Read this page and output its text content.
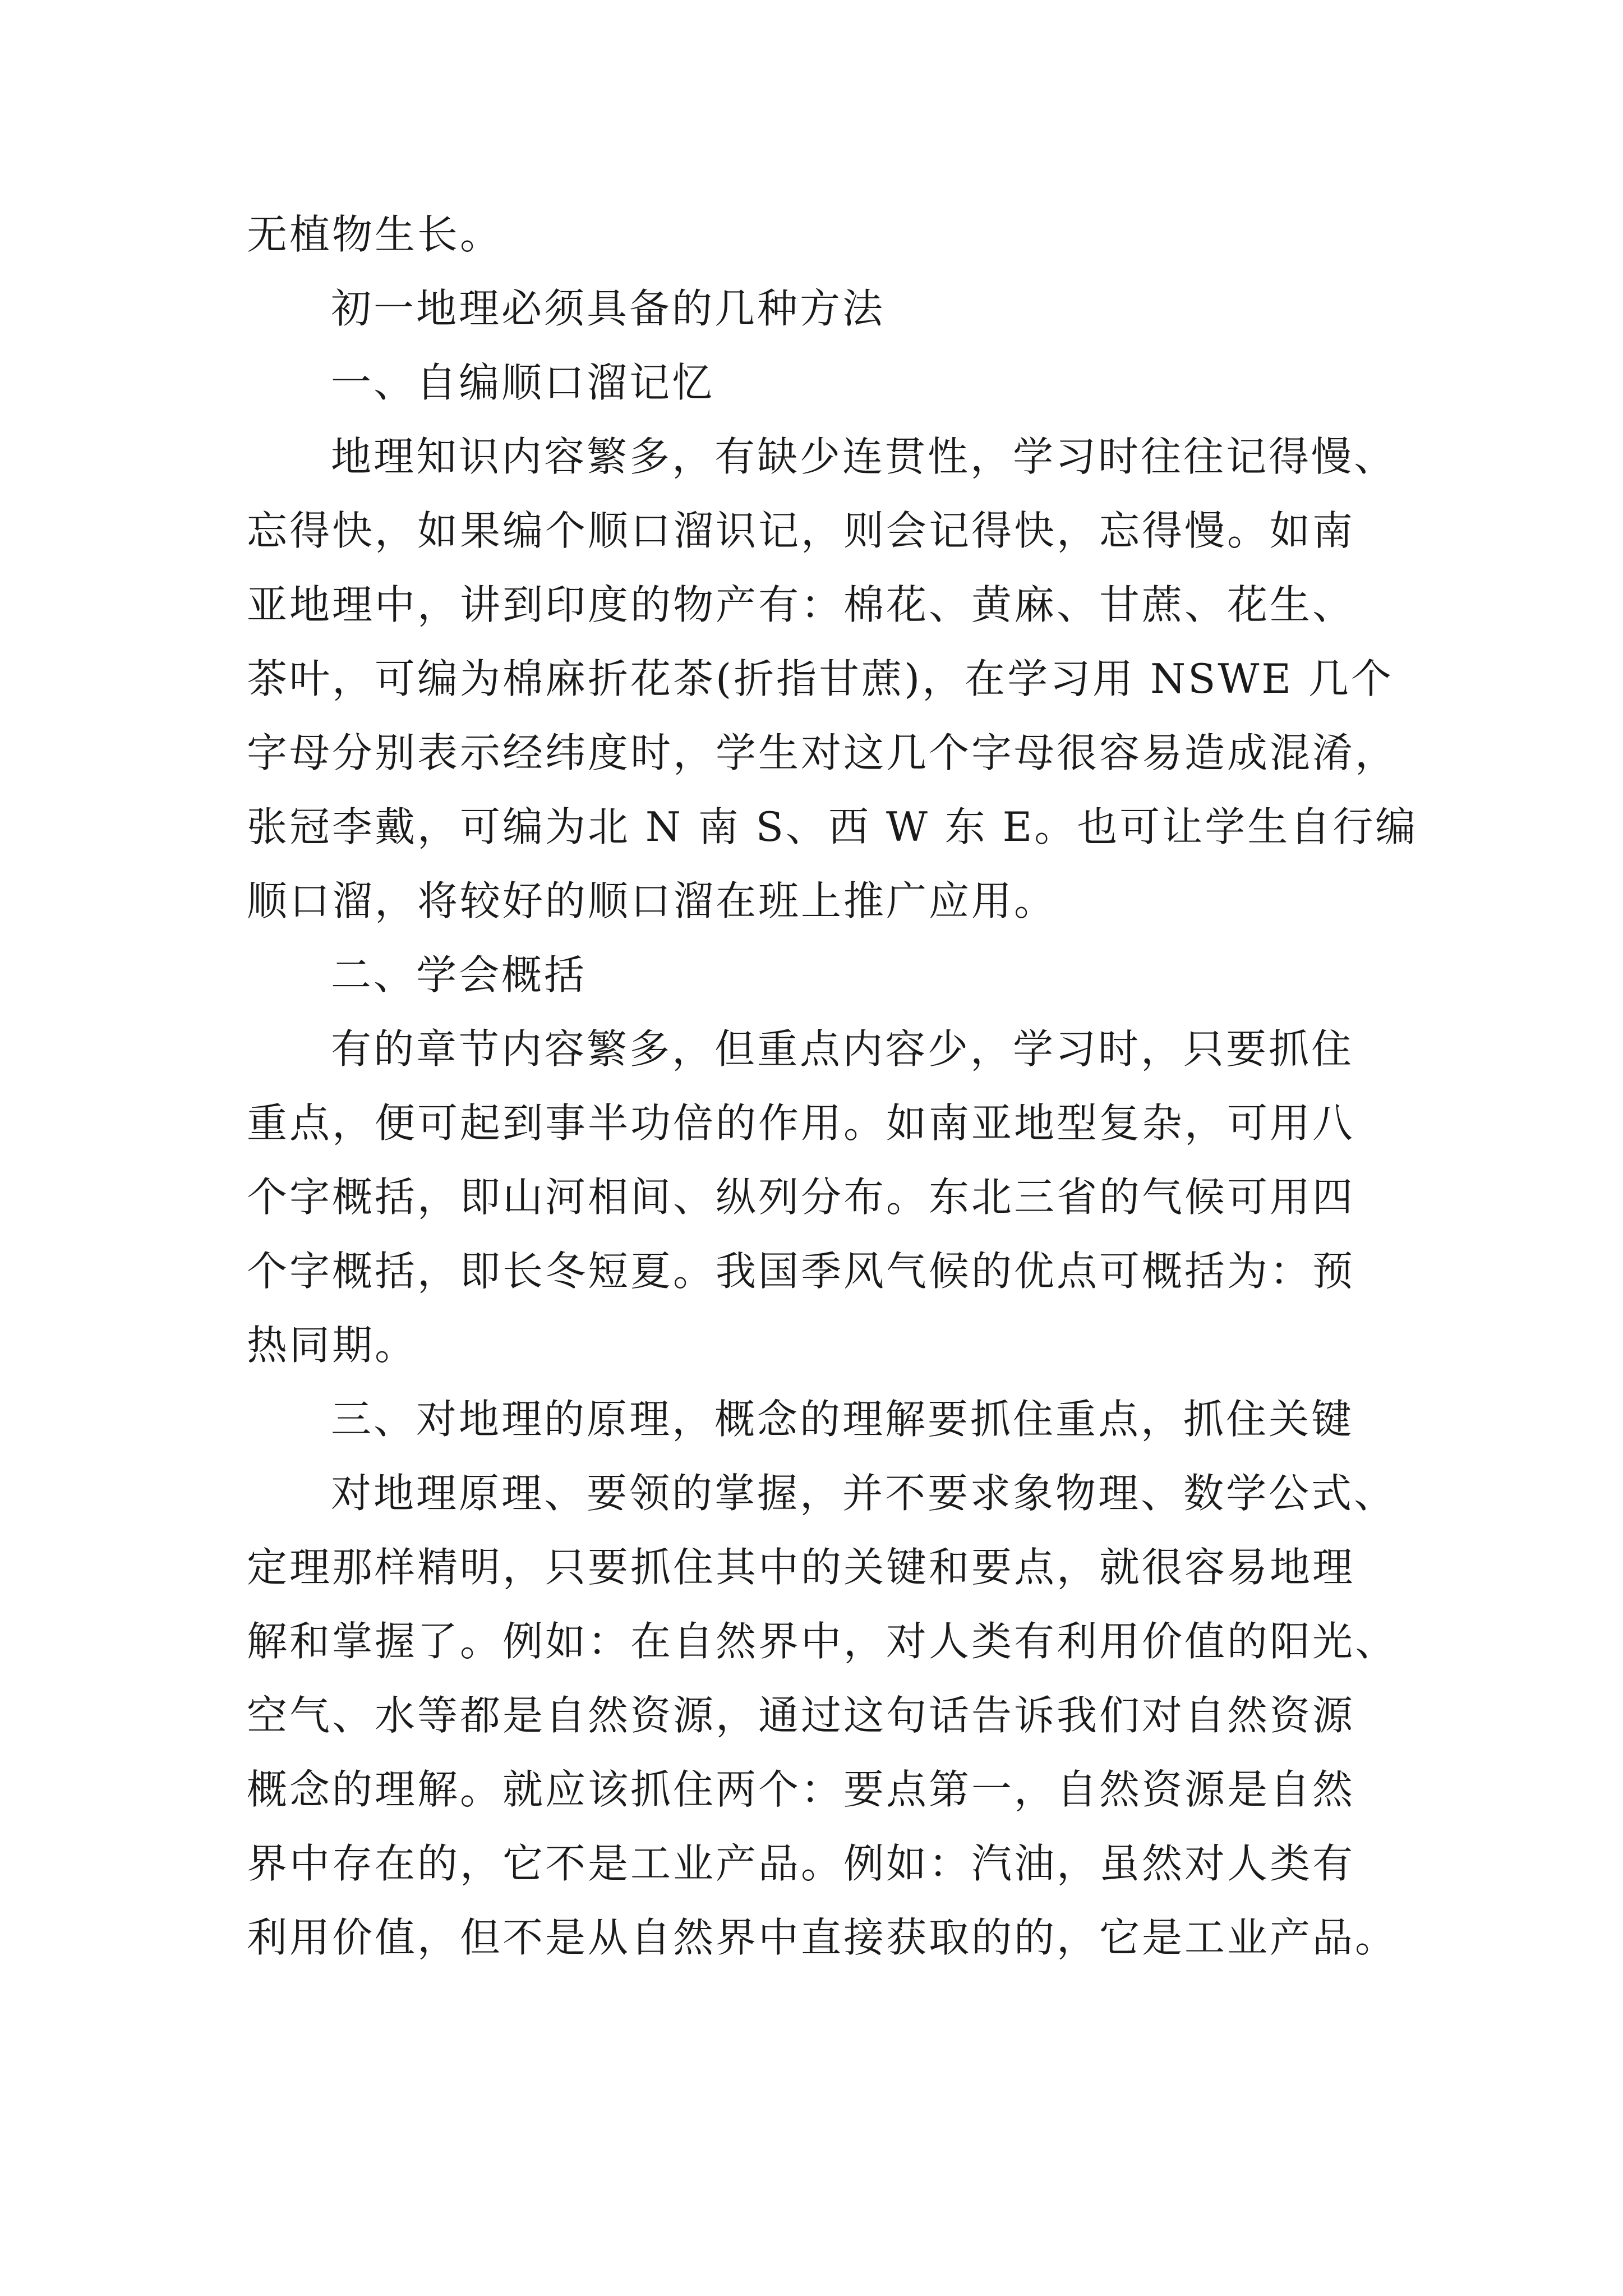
无植物生长。
初一地理必须具备的几种方法
一、自编顺口溜记忆
地理知识内容繁多，有缺少连贯性，学习时往往记得慢、
忘得快，如果编个顺口溜识记，则会记得快，忘得慢。如南
亚地理中，讲到印度的物产有：棉花、黄麻、甘蔗、花生、
茶叶，可编为棉麻折花茶(折指甘蔗)，在学习用 NSWE 几个
字母分别表示经纬度时，学生对这几个字母很容易造成混淆，
张冠李戴，可编为北 N 南 S、西 W 东 E。也可让学生自行编
顺口溜，将较好的顺口溜在班上推广应用。
二、学会概括
有的章节内容繁多，但重点内容少，学习时，只要抓住
重点，便可起到事半功倍的作用。如南亚地型复杂，可用八
个字概括，即山河相间、纵列分布。东北三省的气候可用四
个字概括，即长冬短夏。我国季风气候的优点可概括为：预
热同期。
三、对地理的原理，概念的理解要抓住重点，抓住关键
对地理原理、要领的掌握，并不要求象物理、数学公式、
定理那样精明，只要抓住其中的关键和要点，就很容易地理
解和掌握了。例如：在自然界中，对人类有利用价值的阳光、
空气、水等都是自然资源，通过这句话告诉我们对自然资源
概念的理解。就应该抓住两个：要点第一，自然资源是自然
界中存在的，它不是工业产品。例如：汽油，虽然对人类有
利用价值，但不是从自然界中直接获取的的，它是工业产品。
